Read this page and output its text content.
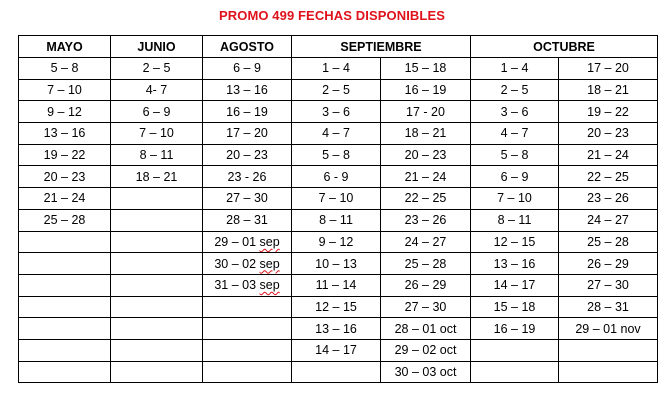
PROMO 499 FECHAS DISPONIBLES
MAYO	JUNIO	AGOSTO	SEPTIEMBRE		OCTUBRE	
5 – 8	2 – 5	6 – 9	1 – 4	15 – 18	1 – 4	17 – 20
7 – 10	4- 7	13 – 16	2 – 5	16 – 19	2 – 5	18 – 21
9 – 12	6 – 9	16 – 19	3 – 6	17 - 20	3 – 6	19 – 22
13 – 16	7 – 10	17 – 20	4 – 7	18 – 21	4 – 7	20 – 23
19 – 22	8 – 11	20 – 23	5 – 8	20 – 23	5 – 8	21 – 24
20 – 23	18 – 21	23 - 26	6 - 9	21 – 24	6 – 9	22 – 25
21 – 24		27 – 30	7 – 10	22 – 25	7 – 10	23 – 26
25 – 28		28 – 31	8 – 11	23 – 26	8 – 11	24 – 27
		29 – 01 sep	9 – 12	24 – 27	12 – 15	25 – 28
		30 – 02 sep	10 – 13	25 – 28	13 – 16	26 – 29
		31 – 03 sep	11 – 14	26 – 29	14 – 17	27 – 30
			12 – 15	27 – 30	15 – 18	28 – 31
			13 – 16	28 – 01 oct	16 – 19	29 – 01 nov
			14 – 17	29 – 02 oct		
				30 – 03 oct		
